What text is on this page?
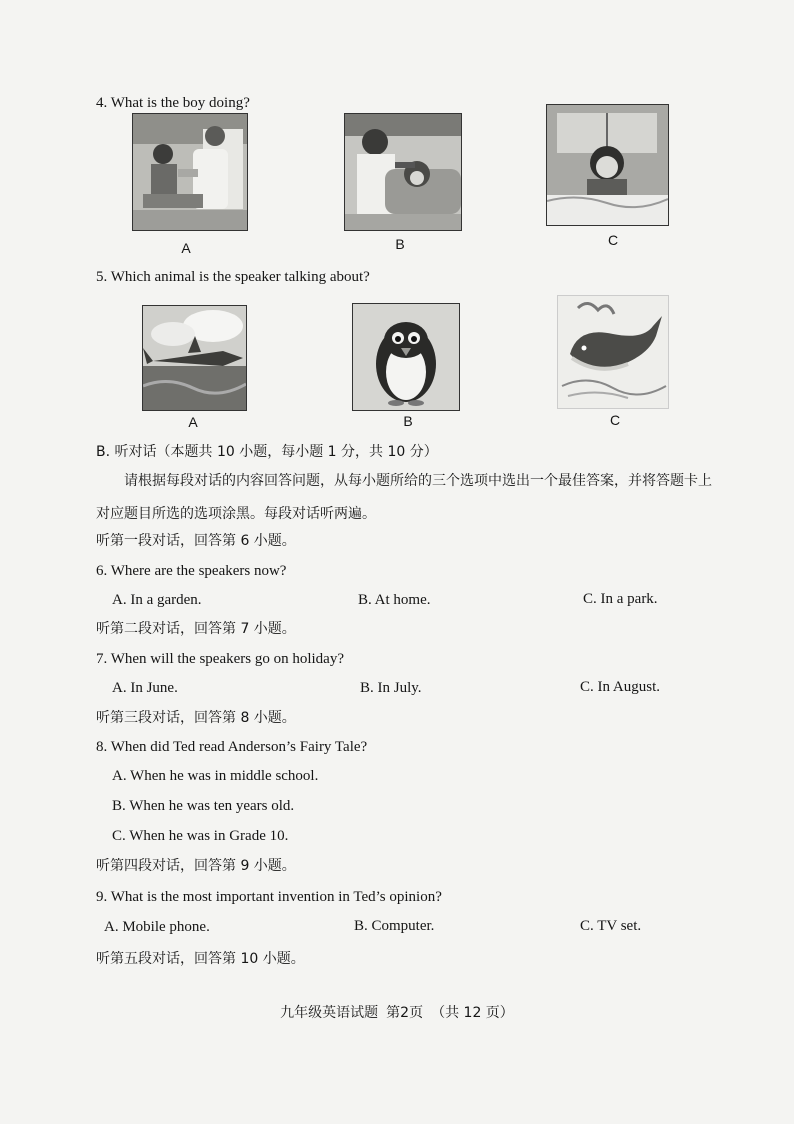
4. What is the boy doing?
A	B	C
5. Which animal is the speaker talking about?
A	B	C
B. 听对话（本题共 10 小题，每小题 1 分，共 10 分）
请根据每段对话的内容回答问题，从每小题所给的三个选项中选出一个最佳答案，并将答题卡上对应题目所选的选项涂黑。每段对话听两遍。
听第一段对话，回答第 6 小题。
6. Where are the speakers now?
A. In a garden.	B. At home.	C. In a park.
听第二段对话，回答第 7 小题。
7. When will the speakers go on holiday?
A. In June.	B. In July.	C. In August.
听第三段对话，回答第 8 小题。
8. When did Ted read Anderson’s Fairy Tale?
A. When he was in middle school.
B. When he was ten years old.
C. When he was in Grade 10.
听第四段对话，回答第 9 小题。
9. What is the most important invention in Ted’s opinion?
A. Mobile phone.	B. Computer.	C. TV set.
听第五段对话，回答第 10 小题。
九年级英语试题 第2页 （共 12 页）
